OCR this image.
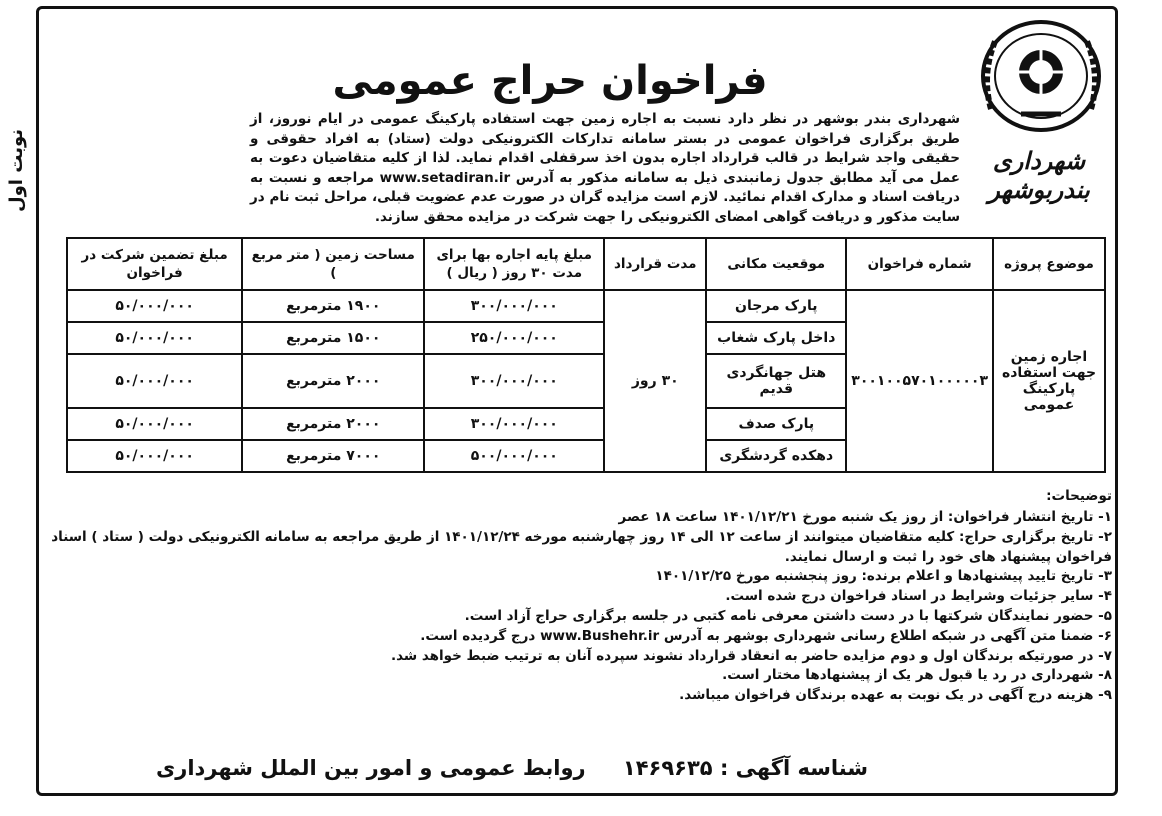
نوبت اول	شهرداری بندربوشهر
فراخوان حراج عمومی
شهرداری بندر بوشهر در نظر دارد نسبت به اجاره زمین جهت استفاده پارکینگ عمومی در ایام نوروز، از طریق برگزاری فراخوان عمومی در بستر سامانه تدارکات الکترونیکی دولت (ستاد) به افراد حقوقی و حقیقی واجد شرایط در قالب قرارداد اجاره بدون اخذ سرقفلی اقدام نماید. لذا از کلیه متقاضیان دعوت به عمل می آید مطابق جدول زمانبندی ذیل به سامانه مذکور به آدرس www.setadiran.ir مراجعه و نسبت به دریافت اسناد و مدارک اقدام نمائید. لازم است مزایده گران در صورت عدم عضویت قبلی، مراحل ثبت نام در سایت مذکور و دریافت گواهی امضای الکترونیکی را جهت شرکت در مزایده محقق سازند.
موضوع پروژه	شماره فراخوان	موقعیت مکانی	مدت قرارداد	مبلغ پایه اجاره بها برای مدت ۳۰ روز ( ریال )	مساحت زمین ( متر مربع )	مبلغ تضمین شرکت در فراخوان
اجاره زمین جهت استفاده پارکینگ عمومی	۳۰۰۱۰۰۵۷۰۱۰۰۰۰۰۳	پارک مرجان	۳۰ روز	۳۰۰/۰۰۰/۰۰۰	۱۹۰۰ مترمربع	۵۰/۰۰۰/۰۰۰
		داخل پارک شغاب		۲۵۰/۰۰۰/۰۰۰	۱۵۰۰ مترمربع	۵۰/۰۰۰/۰۰۰
		هتل جهانگردی قدیم		۳۰۰/۰۰۰/۰۰۰	۲۰۰۰ مترمربع	۵۰/۰۰۰/۰۰۰
		پارک صدف		۳۰۰/۰۰۰/۰۰۰	۲۰۰۰ مترمربع	۵۰/۰۰۰/۰۰۰
		دهکده گردشگری		۵۰۰/۰۰۰/۰۰۰	۷۰۰۰ مترمربع	۵۰/۰۰۰/۰۰۰
توضیحات:
۱- تاریخ انتشار فراخوان: از روز یک شنبه مورخ ۱۴۰۱/۱۲/۲۱ ساعت ۱۸ عصر
۲- تاریخ برگزاری حراج: کلیه متقاضیان میتوانند از ساعت ۱۲ الی ۱۴ روز چهارشنبه مورخه ۱۴۰۱/۱۲/۲۴ از طریق مراجعه به سامانه الکترونیکی دولت ( ستاد ) اسناد فراخوان پیشنهاد های خود را ثبت و ارسال نمایند.
۳- تاریخ تایید پیشنهادها و اعلام برنده: روز پنجشنبه مورخ ۱۴۰۱/۱۲/۲۵
۴- سایر جزئیات وشرایط در اسناد فراخوان درج شده است.
۵- حضور نمایندگان شرکتها با در دست داشتن معرفی نامه کتبی در جلسه برگزاری حراج آزاد است.
۶- ضمنا متن آگهی در شبکه اطلاع رسانی شهرداری بوشهر به آدرس www.Bushehr.ir درج گردیده است.
۷- در صورتیکه برندگان اول و دوم مزایده حاضر به انعقاد قرارداد نشوند سپرده آنان به ترتیب ضبط خواهد شد.
۸- شهرداری در رد یا قبول هر یک از پیشنهادها مختار است.
۹- هزینه درج آگهی در یک نوبت به عهده برندگان فراخوان میباشد.
شناسه آگهی : ۱۴۶۹۶۳۵
روابط عمومی و امور بین الملل شهرداری
